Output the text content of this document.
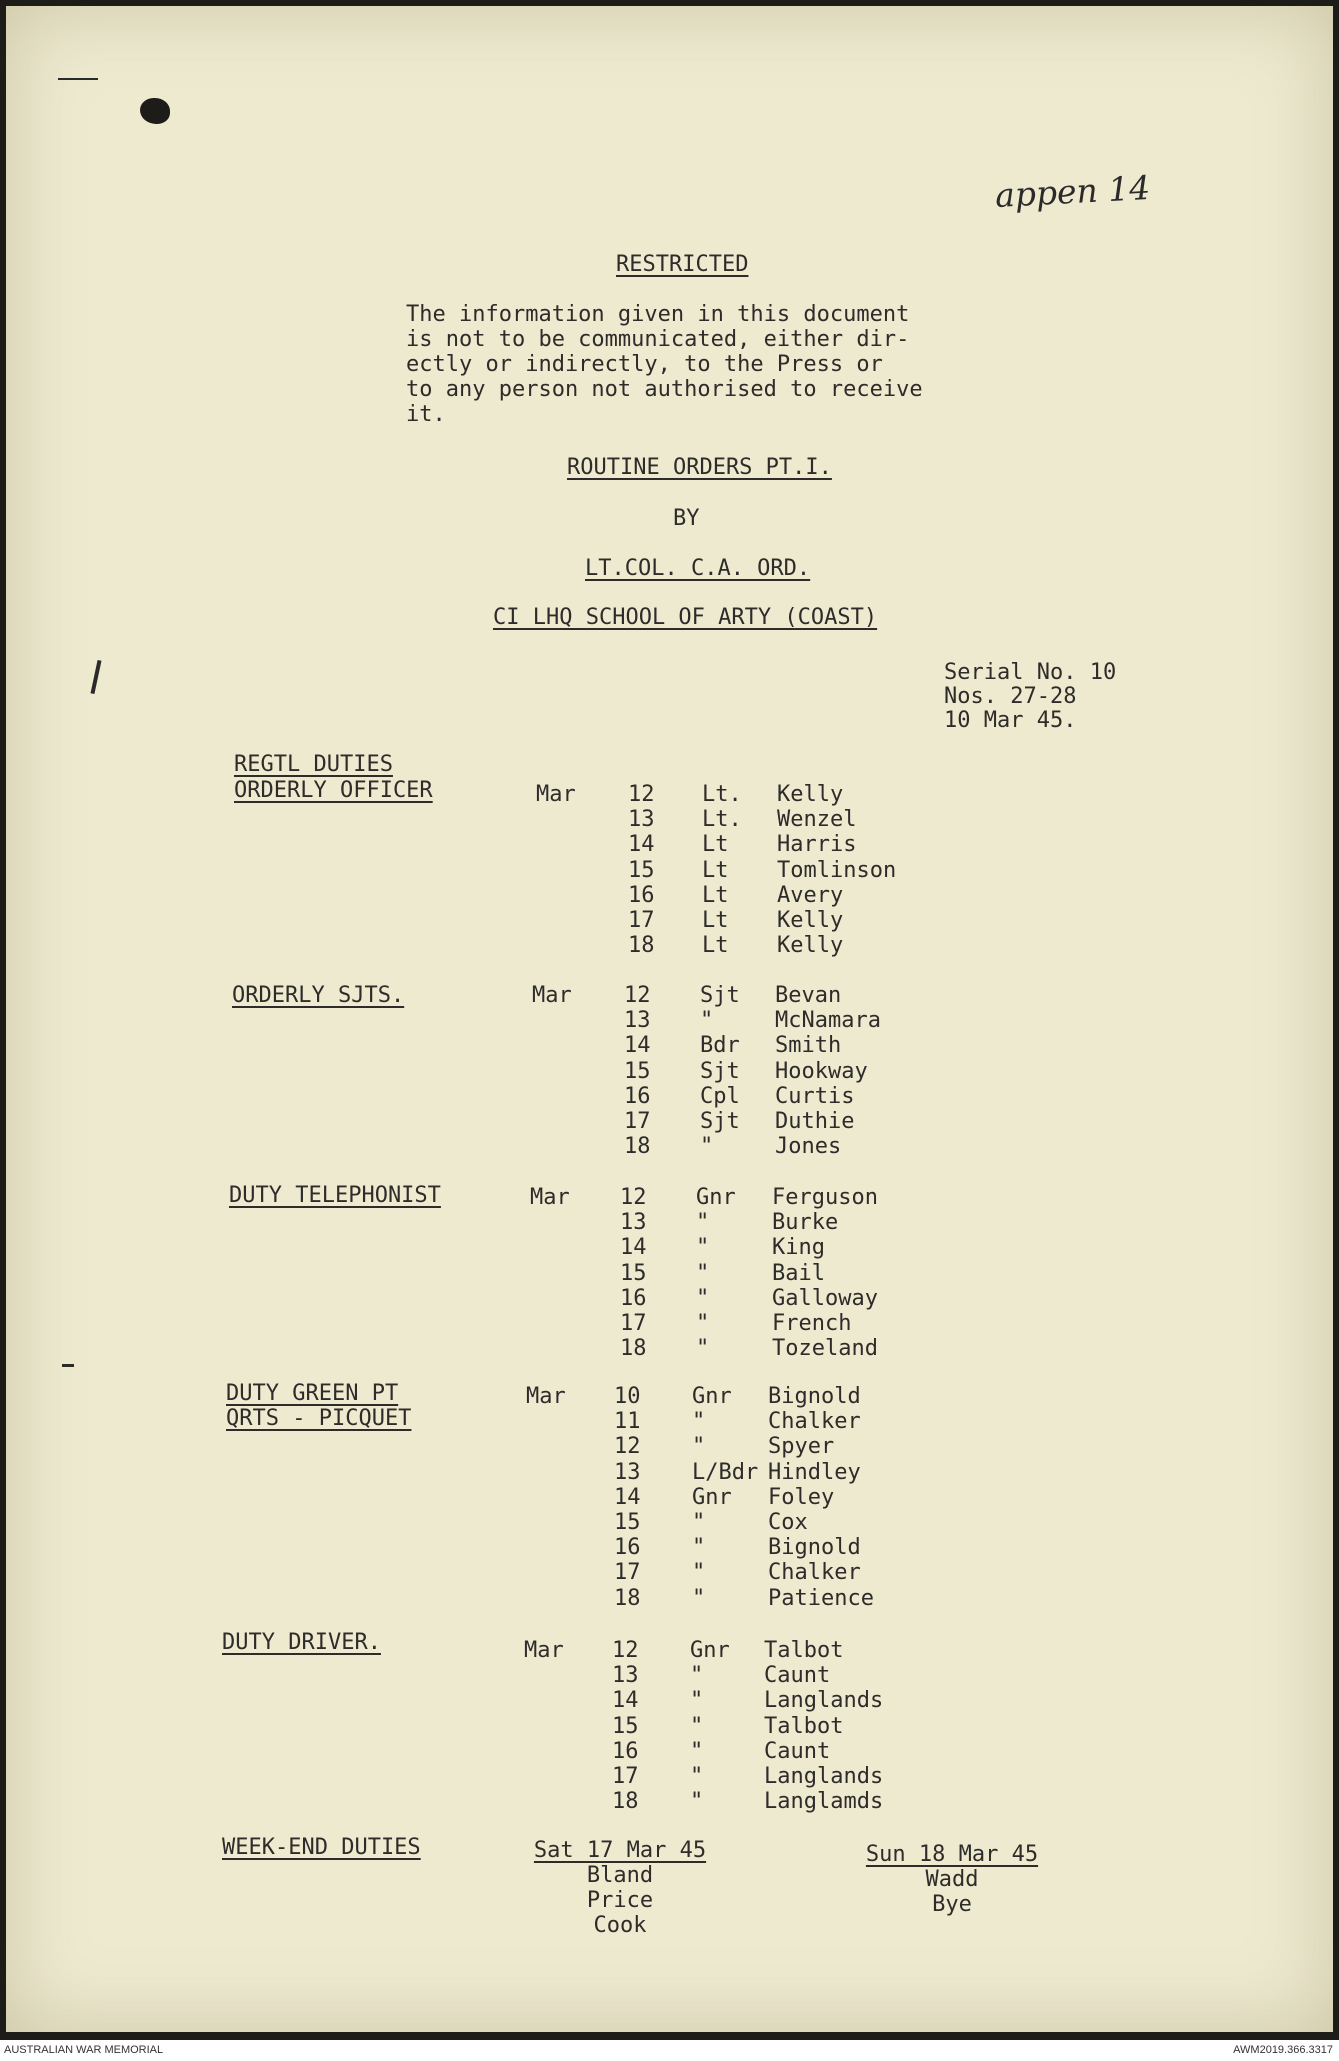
appen 14
RESTRICTED
The information given in this document
is not to be communicated, either dir-
ectly or indirectly, to the Press or
to any person not authorised to receive
it.
ROUTINE ORDERS PT.I.
BY
LT.COL. C.A. ORD.
CI LHQ SCHOOL OF ARTY (COAST)
Serial No. 10
Nos. 27-28
10 Mar 45.
REGTL DUTIES
ORDERLY OFFICER	Mar 12 Lt. Kelly
13 Lt. Wenzel
14 Lt Harris
15 Lt Tomlinson
16 Lt Avery
17 Lt Kelly
18 Lt Kelly
ORDERLY SJTS.	Mar 12 Sjt Bevan
13 "	McNamara
14 Bdr Smith
15 Sjt Hookway
16 Cpl Curtis
17 Sjt Duthie
18 "	Jones
DUTY TELEPHONIST	Mar 12 Gnr Ferguson
13 "	Burke
14 "	King
15 "	Bail
16 "	Galloway
17 "	French
18 "	Tozeland
DUTY GREEN PT
QRTS - PICQUET
Mar 10 Gnr Bignold
11 "	Chalker
12 "	Spyer
13 L/Bdr Hindley
14 Gnr Foley
15 "	Cox
16 "	Bignold
17 "	Chalker
18 "	Patience
DUTY DRIVER.	Mar 12 Gnr Talbot
13 "	Caunt
14 "	Langlands
15 "	Talbot
16 "	Caunt
17 "	Langlands
18 "	Langlamds
WEEK-END DUTIES	Sat 17 Mar 45
Bland
Price
Cook
Sun 18 Mar 45
Wadd
Bye
AUSTRALIAN WAR MEMORIAL	AWM2019.366.3317
